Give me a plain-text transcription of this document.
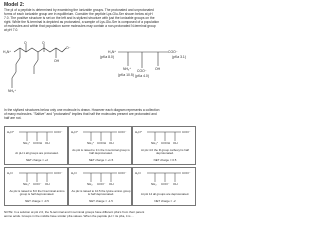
Model 2:

The pI of a peptide is determined by examining the ionizable groups. The protonated and unprotonated

forms of each ionizable group are in equilibrium. Consider the peptide Lys-Glu-Ser shown below at pH

7.0. The positive structure is set on the left and is stylized structure with just the ionizable groups on the

right. While the N-terminal is depicted as protonated, a sample of Lys-Glu-Ser is composed of a population

of molecules and within that population some molecules may contain a non-protonated N-terminal group

at pH 7.0.

O	O
H₃N⁺
O⁻
OH
NH₃⁺
H₃N⁺	COO⁻
(pKa 8.0)	(pKa 3.1)
OH
COO⁻
NH₃⁺
(pKa 4.0)
(pKa 10.5)

In the stylized structures below only one molecule is drawn. However each diagram represents a collection

of many molecules. "Saltive" and "protonated" implies that half the molecules present are protonated and

half are not.

H₃N⁺	COO⁻
NH₃⁺ COOH OH
At pH 1 all groups are protonated.
NET charge = +2
H₃N⁺	COO⁻
NH₃⁺ COOH OH
As pH is raised to 3.1 the C-terminal group is half deprotonated.
NET charge = +1.5
H₃N⁺	COO⁻
NH₃⁺ COOH OH
At pH 4.0 the R group carboxyl is half deprotonated.
NET charge = 0.5
H₂N	COO⁻
NH₃⁺ COO⁻ OH
As pH is raised to 8.0 the N-terminal amino group is half deprotonated.
NET charge = -0.5
H₂N	COO⁻
NH₂ COO⁻ OH
As pH is raised to 10.5 the lysine amino group is half deprotonated.
NET charge = -1.5
H₂N	COO⁻
NH₂ COO⁻ OH
At pH 14 all groups are deprotonated.
NET charge = -2

NOTE: In a solution at pH 2.0, the N-terminal and C-terminal groups have different pKa's from their parent

amino acids. Groups in the middle have similar pKa values. When the peptide pH = its pKa, it is ...
